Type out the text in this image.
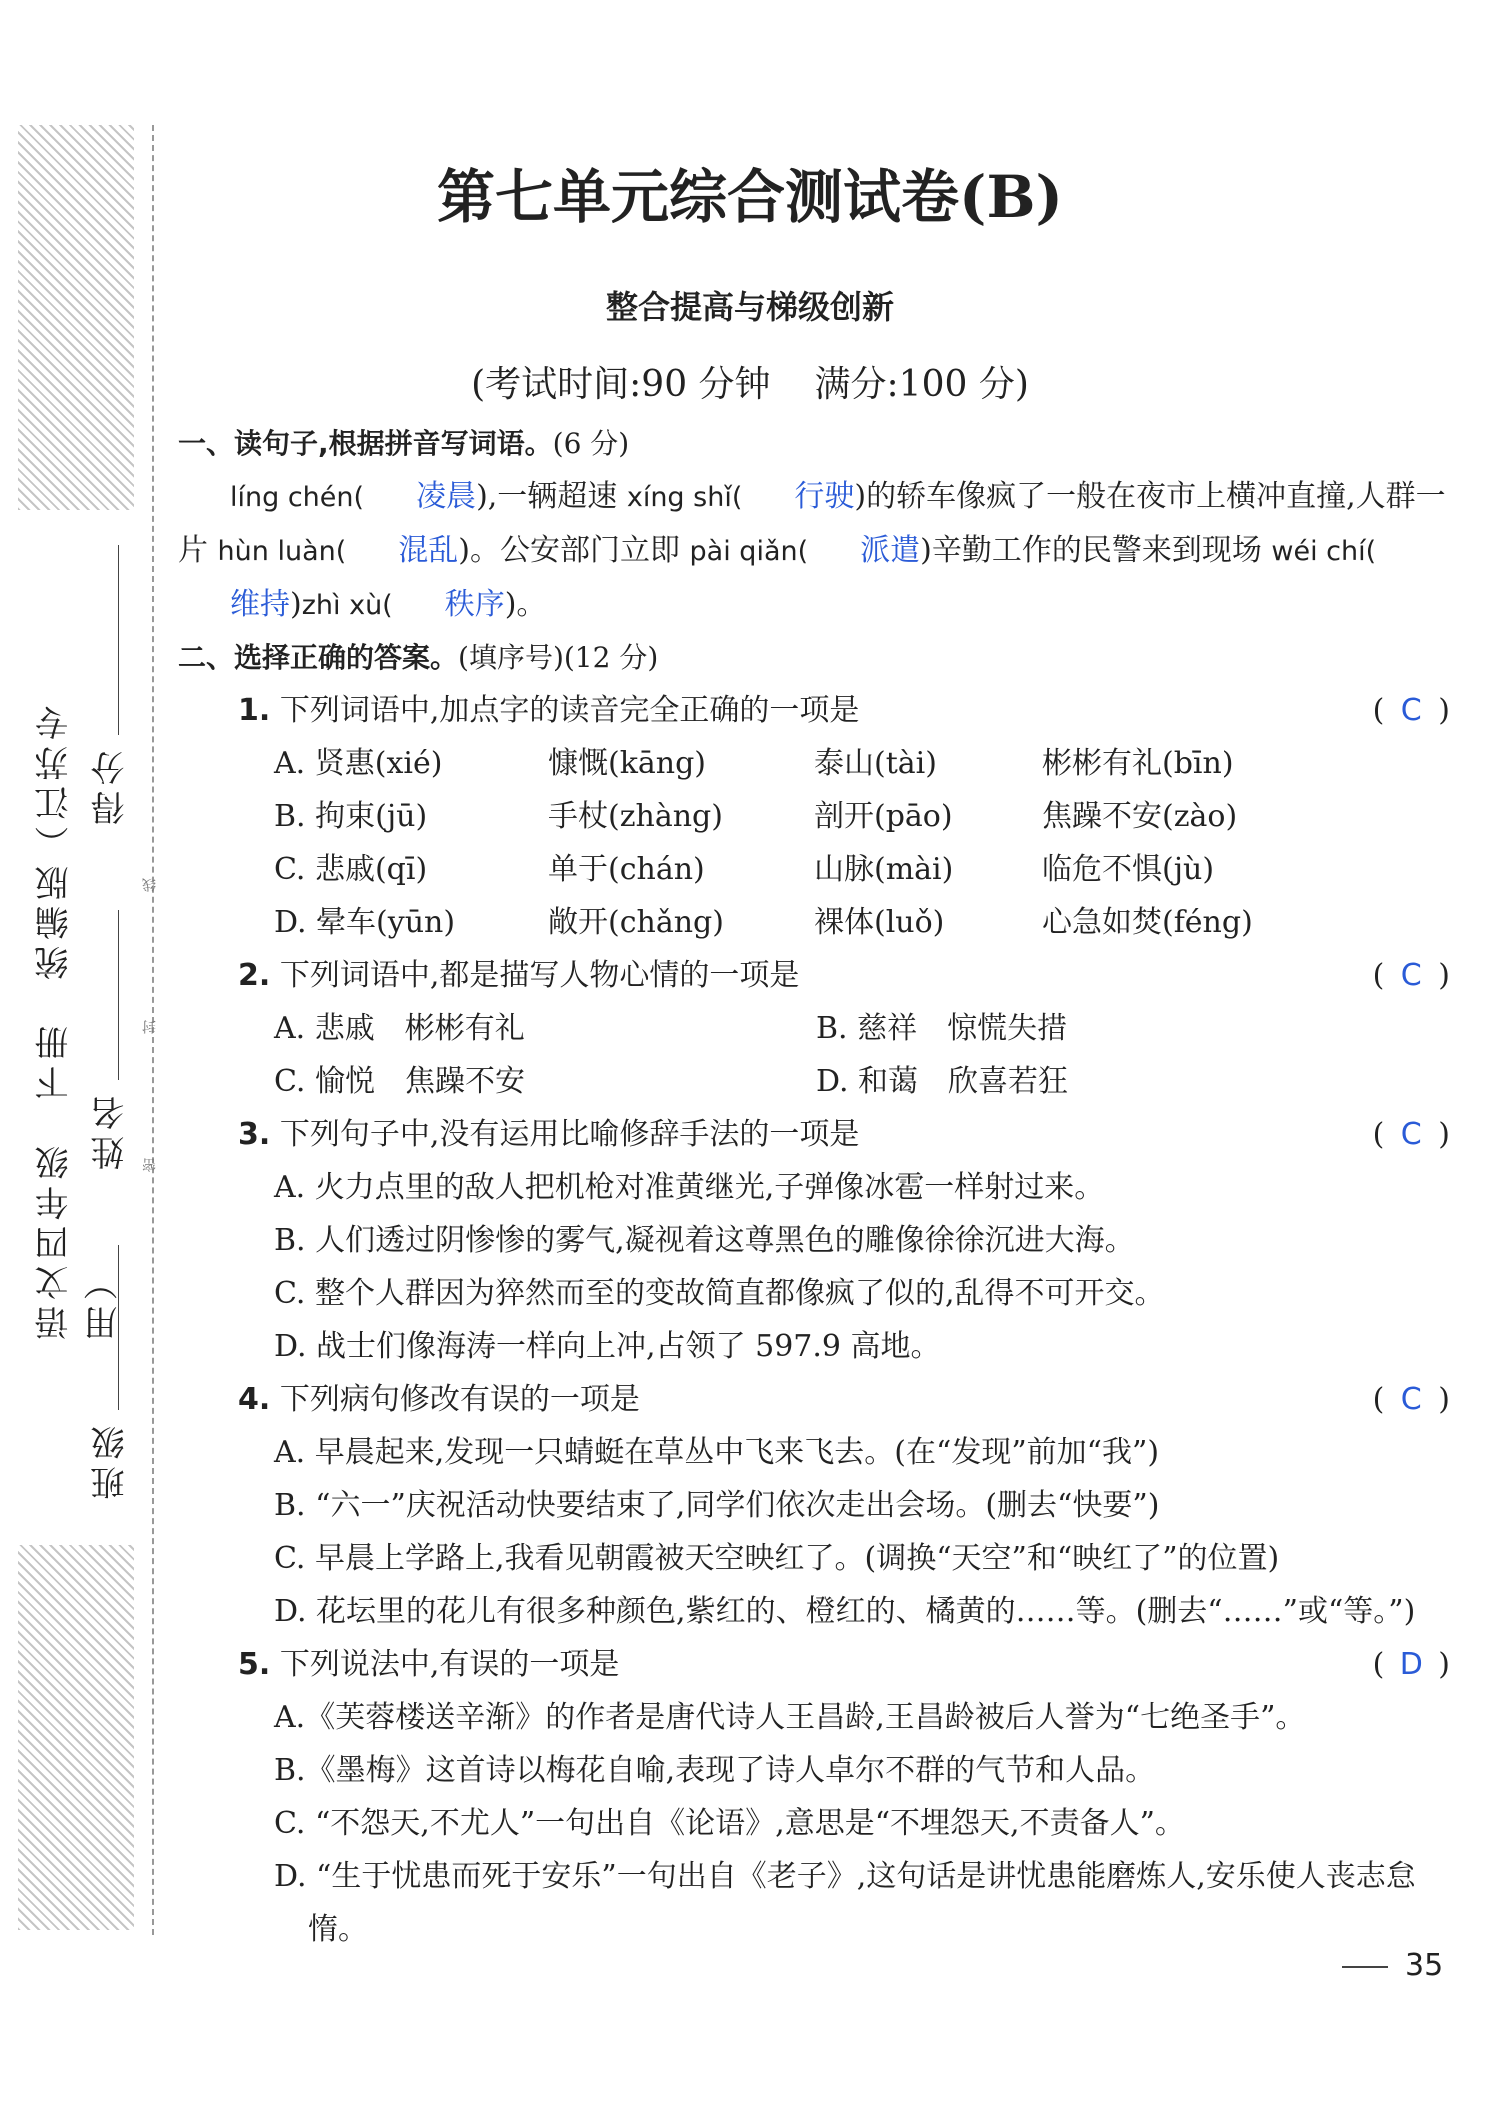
语文四年级　下册　统编版（江苏专用）
班级
姓名
得分
线
封
密
第七单元综合测试卷(B)
整合提高与梯级创新
(考试时间:90 分钟 满分:100 分)
一、读句子,根据拼音写词语。(6 分)
líng chén( 凌晨),一辆超速 xíng shǐ( 行驶)的轿车像疯了一般在夜市上横冲直撞,人群一片 hùn luàn( 混乱)。公安部门立即 pài qiǎn( 派遣)辛勤工作的民警来到现场 wéi chí(维持)zhì xù( 秩序)。
二、选择正确的答案。(填序号)(12 分)
1. 下列词语中,加点字的读音完全正确的一项是	( C )
A. 贤惠(xié)	慷慨(kāng)	泰山(tài)	彬彬有礼(bīn)
B. 拘束(jū)	手杖(zhàng)	剖开(pāo)	焦躁不安(zào)
C. 悲戚(qī)	单于(chán)	山脉(mài)	临危不惧(jù)
D. 晕车(yūn)	敞开(chǎng)	裸体(luǒ)	心急如焚(féng)
2. 下列词语中,都是描写人物心情的一项是	( C )
A. 悲戚　彬彬有礼	B. 慈祥　惊慌失措
C. 愉悦　焦躁不安	D. 和蔼　欣喜若狂
3. 下列句子中,没有运用比喻修辞手法的一项是	( C )
A. 火力点里的敌人把机枪对准黄继光,子弹像冰雹一样射过来。
B. 人们透过阴惨惨的雾气,凝视着这尊黑色的雕像徐徐沉进大海。
C. 整个人群因为猝然而至的变故简直都像疯了似的,乱得不可开交。
D. 战士们像海涛一样向上冲,占领了 597.9 高地。
4. 下列病句修改有误的一项是	( C )
A. 早晨起来,发现一只蜻蜓在草丛中飞来飞去。(在“发现”前加“我”)
B. “六一”庆祝活动快要结束了,同学们依次走出会场。(删去“快要”)
C. 早晨上学路上,我看见朝霞被天空映红了。(调换“天空”和“映红了”的位置)
D. 花坛里的花儿有很多种颜色,紫红的、橙红的、橘黄的……等。(删去“……”或“等。”)
5. 下列说法中,有误的一项是	( D )
A.《芙蓉楼送辛渐》的作者是唐代诗人王昌龄,王昌龄被后人誉为“七绝圣手”。
B.《墨梅》这首诗以梅花自喻,表现了诗人卓尔不群的气节和人品。
C. “不怨天,不尤人”一句出自《论语》,意思是“不埋怨天,不责备人”。
D. “生于忧患而死于安乐”一句出自《老子》,这句话是讲忧患能磨炼人,安乐使人丧志怠惰。
35
